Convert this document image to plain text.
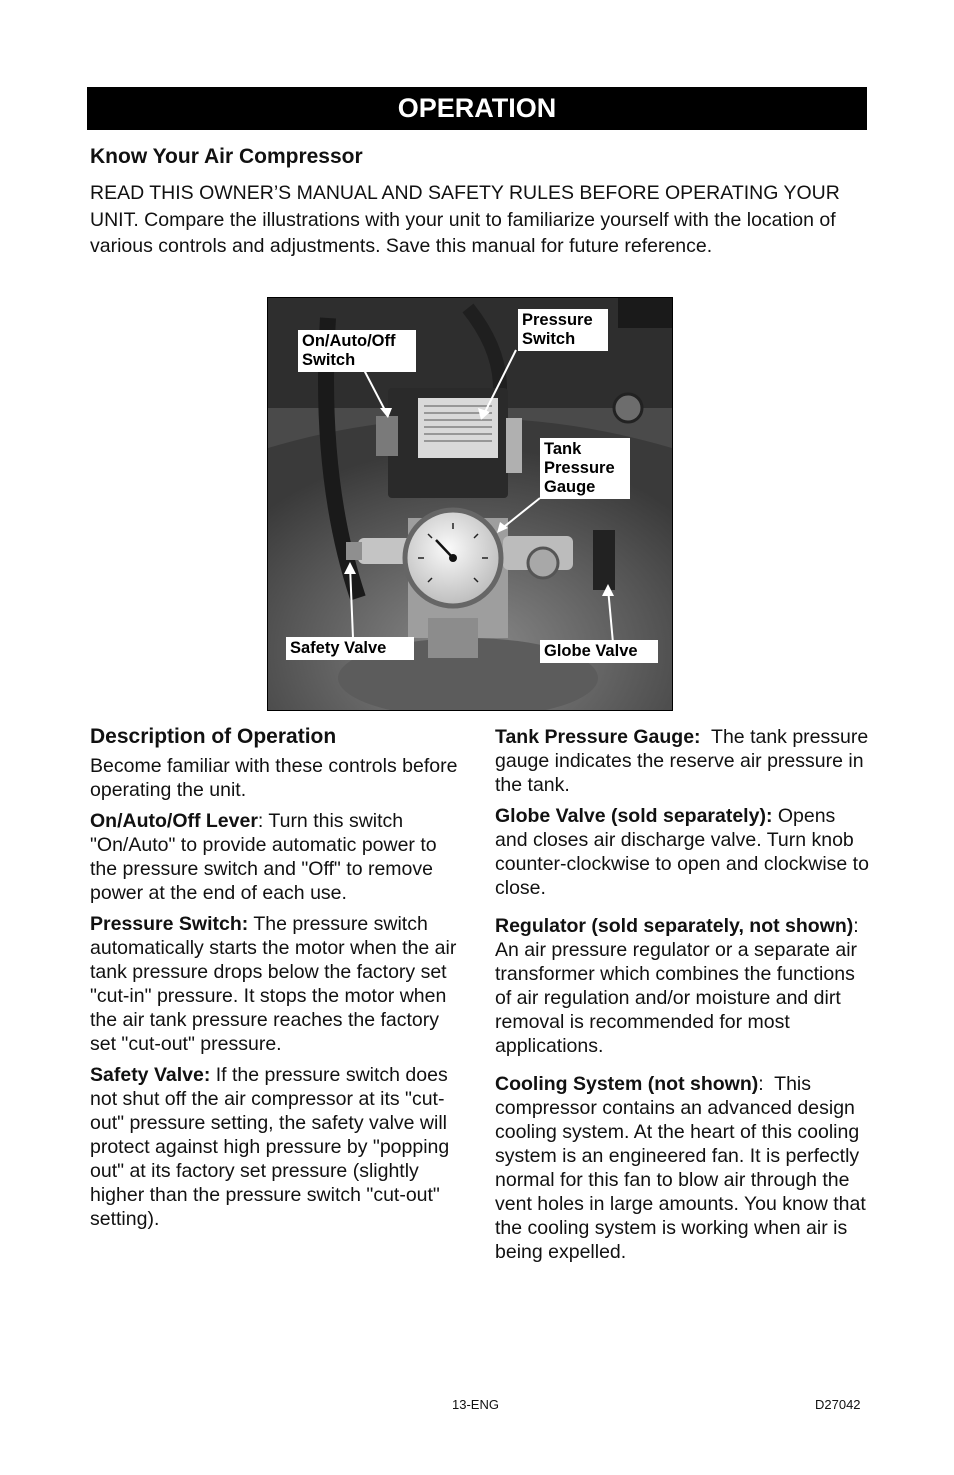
OPERATION
Know Your Air Compressor
READ THIS OWNER’S MANUAL AND SAFETY RULES BEFORE OPERATING YOUR UNIT. Compare the illustrations with your unit to familiarize yourself with the location of various controls and adjustments. Save this manual for future reference.
On/Auto/Off Switch
Pressure Switch
Tank Pressure Gauge
Safety Valve	Globe Valve
Description of Operation

Become familiar with these controls before operating the unit.

On/Auto/Off Lever: Turn this switch "On/Auto" to provide automatic power to the pressure switch and "Off" to remove power at the end of each use.

Pressure Switch: The pressure switch automatically starts the motor when the air tank pressure drops below the factory set "cut-in" pressure. It stops the motor when the air tank pressure reaches the factory set "cut-out" pressure.

Safety Valve: If the pressure switch does not shut off the air compressor at its "cut-out" pressure setting, the safety valve will protect against high pressure by "popping out" at its factory set pressure (slightly higher than the pressure switch "cut-out" setting).

Tank Pressure Gauge: The tank pressure gauge indicates the reserve air pressure in the tank.

Globe Valve (sold separately): Opens and closes air discharge valve. Turn knob counter-clockwise to open and clockwise to close.

Regulator (sold separately, not shown): An air pressure regulator or a separate air transformer which combines the functions of air regulation and/or moisture and dirt removal is recommended for most applications.

Cooling System (not shown):  This compressor contains an advanced design cooling system. At the heart of this cooling system is an engineered fan. It is perfectly normal for this fan to blow air through the vent holes in large amounts. You know that the cooling system is working when air is being expelled.

13-ENG	D27042
